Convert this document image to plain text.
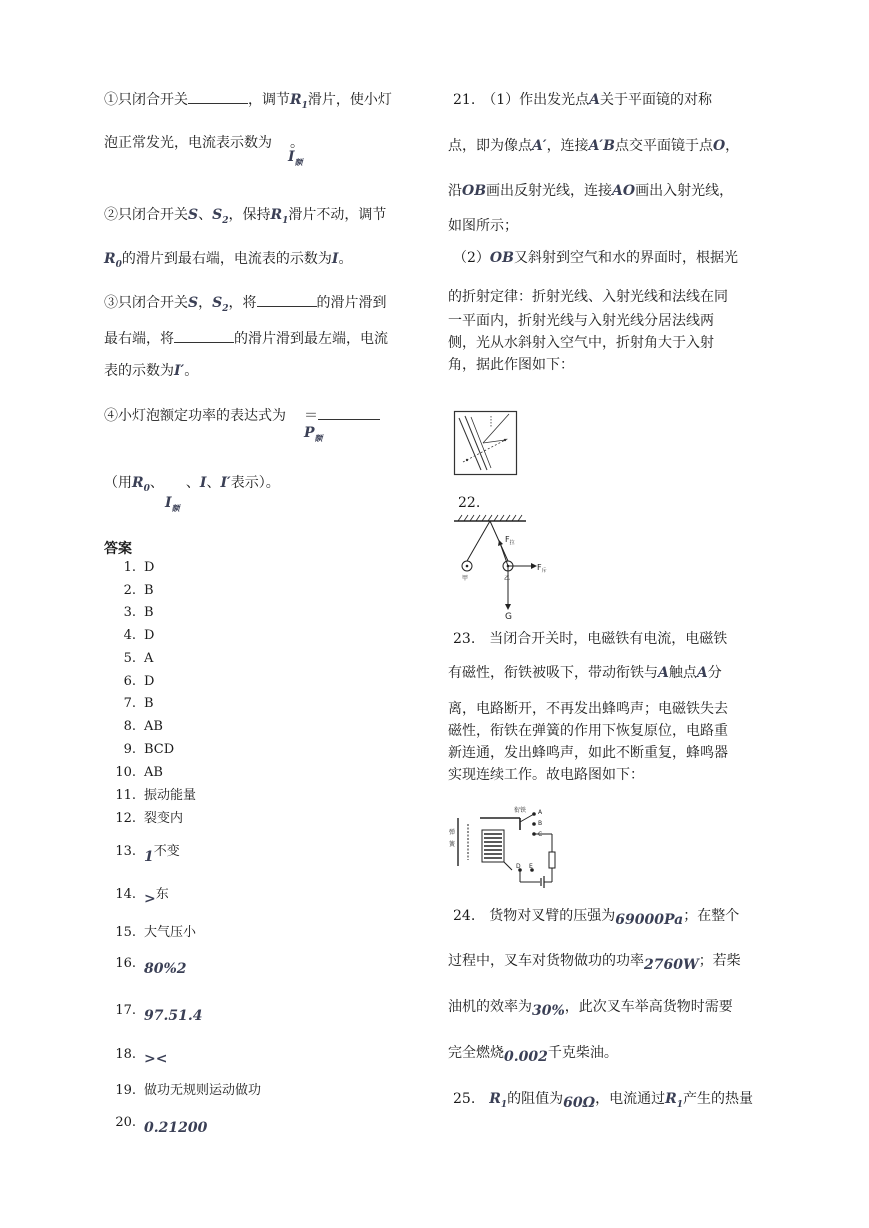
①只闭合开关	，调节$R_1$滑片，使小灯
泡正常发光，电流表示数为 。
$I_额$
②只闭合开关S、$S_2$，保持$R_1$滑片不动，调节
$R_0$的滑片到最右端，电流表的示数为I。
③只闭合开关S，$S_2$，将	的滑片滑到
最右端，将	的滑片滑到最左端，电流
表的示数为I′。
④小灯泡额定功率的表达式为 ＝
$P_额$
（用$R_0$、 、I、I′表示）。
$I_额$
答案
1. D
2. B
3. B
4. D
5. A
6. D
7. B
8. AB
9. BCD
10. AB
11. 振动能量
12. 裂变内
13. 1不变
14. >东
15. 大气压小
16. 80%2
17. 97.51.4
18. ><
19. 做功无规则运动做功
20. 0.21200
21.　（1）作出发光点A关于平面镜的对称
点，即为像点A′，连接A′B点交平面镜于点O，
沿OB画出反射光线，连接AO画出入射光线，
如图所示；
（2）OB又斜射到空气和水的界面时，根据光
的折射定律：折射光线、入射光线和法线在同
一平面内，折射光线与入射光线分居法线两
侧，光从水斜射入空气中，折射角大于入射
角，据此作图如下：
22.
$F_拉$
$F_斥$
G
甲	乙
23.　当闭合开关时，电磁铁有电流，电磁铁
有磁性，衔铁被吸下，带动衔铁与A触点A分
离，电路断开，不再发出蜂鸣声；电磁铁失去
磁性，衔铁在弹簧的作用下恢复原位，电路重
新连通，发出蜂鸣声，如此不断重复，蜂鸣器
实现连续工作。故电路图如下：
衔铁
弹
簧
A
B
C
D E
24.　货物对叉臂的压强为69000Pa；在整个
过程中，叉车对货物做功的功率2760W；若柴
油机的效率为30%，此次叉车举高货物时需要
完全燃烧0.002千克柴油。
25.　$R_1$的阻值为60Ω，电流通过$R_1$产生的热量
